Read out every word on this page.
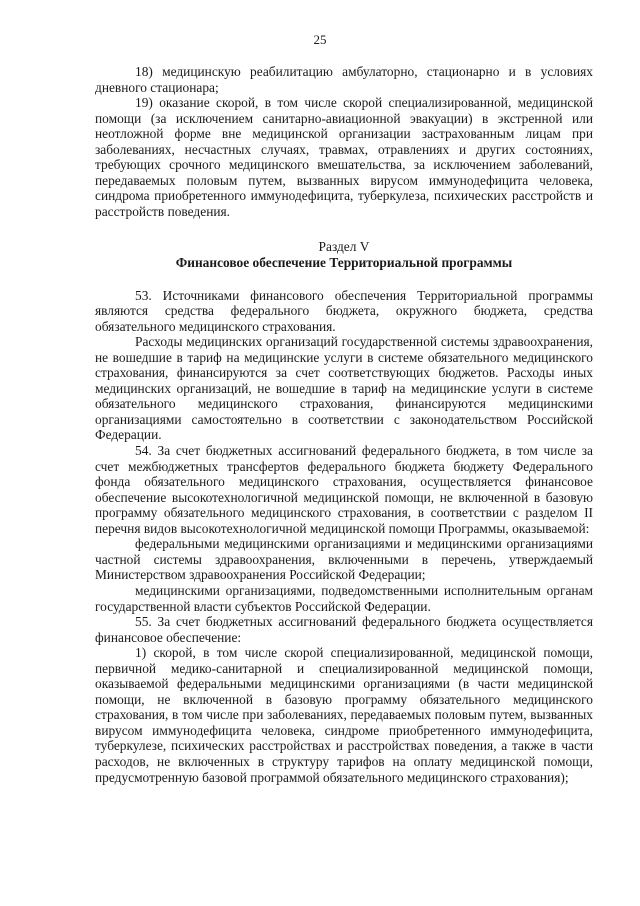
25

18) медицинскую реабилитацию амбулаторно, стационарно и в условиях дневного стационара;

19) оказание скорой, в том числе скорой специализированной, медицинской помощи (за исключением санитарно-авиационной эвакуации) в экстренной или неотложной форме вне медицинской организации застрахованным лицам при заболеваниях, несчастных случаях, травмах, отравлениях и других состояниях, требующих срочного медицинского вмешательства, за исключением заболеваний, передаваемых половым путем, вызванных вирусом иммунодефицита человека, синдрома приобретенного иммунодефицита, туберкулеза, психических расстройств и расстройств поведения.

Раздел V

Финансовое обеспечение Территориальной программы

53. Источниками финансового обеспечения Территориальной программы являются средства федерального бюджета, окружного бюджета, средства обязательного медицинского страхования.

Расходы медицинских организаций государственной системы здравоохранения, не вошедшие в тариф на медицинские услуги в системе обязательного медицинского страхования, финансируются за счет соответствующих бюджетов. Расходы иных медицинских организаций, не вошедшие в тариф на медицинские услуги в системе обязательного медицинского страхования, финансируются медицинскими организациями самостоятельно в соответствии с законодательством Российской Федерации.

54. За счет бюджетных ассигнований федерального бюджета, в том числе за счет межбюджетных трансфертов федерального бюджета бюджету Федерального фонда обязательного медицинского страхования, осуществляется финансовое обеспечение высокотехнологичной медицинской помощи, не включенной в базовую программу обязательного медицинского страхования, в соответствии с разделом II перечня видов высокотехнологичной медицинской помощи Программы, оказываемой:

федеральными медицинскими организациями и медицинскими организациями частной системы здравоохранения, включенными в перечень, утверждаемый Министерством здравоохранения Российской Федерации;

медицинскими организациями, подведомственными исполнительным органам государственной власти субъектов Российской Федерации.

55. За счет бюджетных ассигнований федерального бюджета осуществляется финансовое обеспечение:

1) скорой, в том числе скорой специализированной, медицинской помощи, первичной медико-санитарной и специализированной медицинской помощи, оказываемой федеральными медицинскими организациями (в части медицинской помощи, не включенной в базовую программу обязательного медицинского страхования, в том числе при заболеваниях, передаваемых половым путем, вызванных вирусом иммунодефицита человека, синдроме приобретенного иммунодефицита, туберкулезе, психических расстройствах и расстройствах поведения, а также в части расходов, не включенных в структуру тарифов на оплату медицинской помощи, предусмотренную базовой программой обязательного медицинского страхования);
